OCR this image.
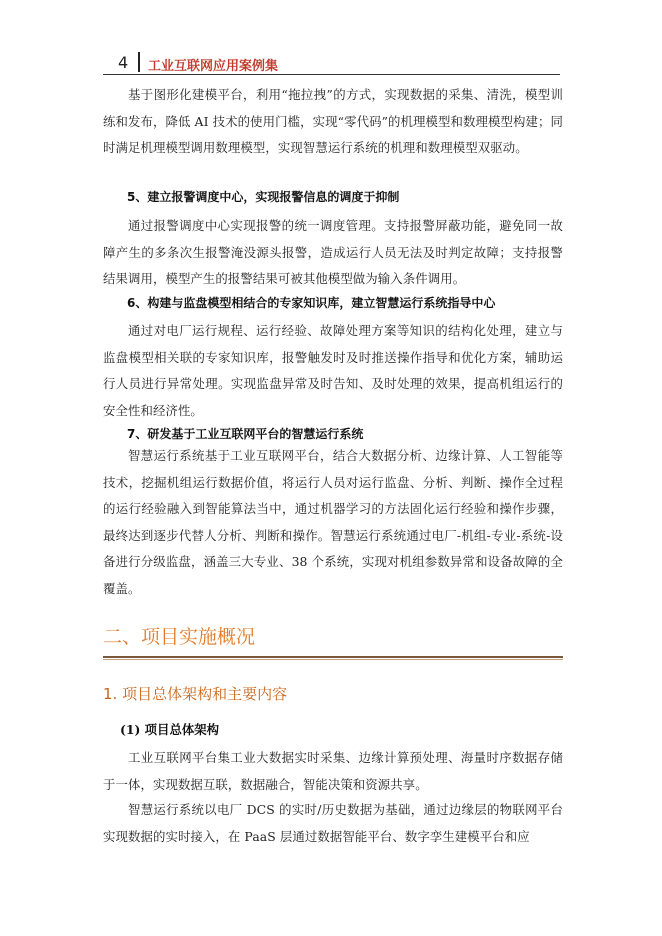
4 工业互联网应用案例集

基于图形化建模平台，利用“拖拉拽”的方式，实现数据的采集、清洗，模型训练和发布，降低 AI 技术的使用门槛，实现“零代码”的机理模型和数理模型构建；同时满足机理模型调用数理模型，实现智慧运行系统的机理和数理模型双驱动。

5、建立报警调度中心，实现报警信息的调度于抑制

通过报警调度中心实现报警的统一调度管理。支持报警屏蔽功能，避免同一故障产生的多条次生报警淹没源头报警，造成运行人员无法及时判定故障；支持报警结果调用，模型产生的报警结果可被其他模型做为输入条件调用。

6、构建与监盘模型相结合的专家知识库，建立智慧运行系统指导中心

通过对电厂运行规程、运行经验、故障处理方案等知识的结构化处理，建立与监盘模型相关联的专家知识库，报警触发时及时推送操作指导和优化方案，辅助运行人员进行异常处理。实现监盘异常及时告知、及时处理的效果，提高机组运行的安全性和经济性。

7、研发基于工业互联网平台的智慧运行系统

智慧运行系统基于工业互联网平台，结合大数据分析、边缘计算、人工智能等技术，挖掘机组运行数据价值，将运行人员对运行监盘、分析、判断、操作全过程的运行经验融入到智能算法当中，通过机器学习的方法固化运行经验和操作步骤，最终达到逐步代替人分析、判断和操作。智慧运行系统通过电厂-机组-专业-系统-设备进行分级监盘，涵盖三大专业、38 个系统，实现对机组参数异常和设备故障的全覆盖。

二、项目实施概况
1. 项目总体架构和主要内容
(1) 项目总体架构

工业互联网平台集工业大数据实时采集、边缘计算预处理、海量时序数据存储于一体，实现数据互联，数据融合，智能决策和资源共享。

智慧运行系统以电厂 DCS 的实时/历史数据为基础，通过边缘层的物联网平台实现数据的实时接入，在 PaaS 层通过数据智能平台、数字孪生建模平台和应
